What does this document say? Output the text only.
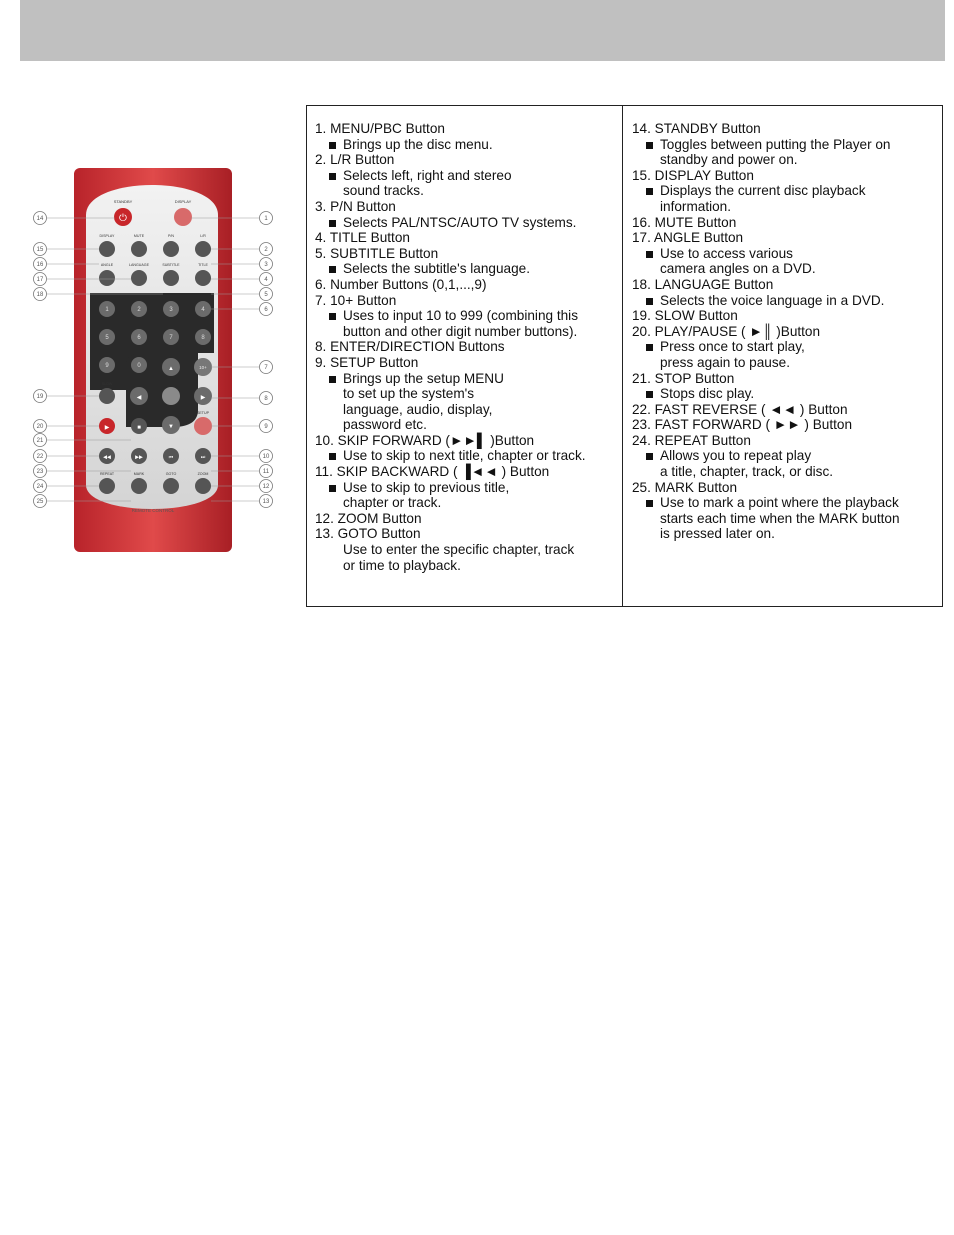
⏻
STANDBY	DISPLAY
DISPLAY	MUTE	P/N	L/R
ANGLE	LANGUAGE	SUBTITLE	TITLE
1	2	3	4
5	6	7	8
9	0	10+
▲
◀	▶
▼
SLOW
▶	■
SETUP
◀◀	▶▶	⏮	⏭
REPEAT	MARK	GOTO	ZOOM
REMOTE CONTROL
14
15
16
17
18
19
20
21
22
23
24
25
1
2
3
4
5
6
7
8
9
10
11
12
13
1. MENU/PBC Button
Brings up the disc menu.
2. L/R Button
Selects left, right and stereo
sound tracks.
3. P/N Button
Selects PAL/NTSC/AUTO TV systems.
4. TITLE Button
5. SUBTITLE Button
Selects the subtitle's language.
6. Number Buttons (0,1,...,9)
7. 10+ Button
Uses to input 10 to 999 (combining this
button and other digit number buttons).
8. ENTER/DIRECTION Buttons
9. SETUP Button
Brings up the setup MENU
to set up the system's
language, audio, display,
password etc.
10. SKIP FORWARD (►►▌ )Button
Use to skip to next title, chapter or track.
11. SKIP BACKWARD ( ▐◄◄ ) Button
Use to skip to previous title,
chapter or track.
12. ZOOM Button
13. GOTO Button
Use to enter the specific chapter, track
or time to playback.
14. STANDBY Button
Toggles between putting the Player on
standby and power on.
15. DISPLAY Button
Displays the current disc playback
information.
16. MUTE Button
17. ANGLE Button
Use to access various
camera angles on a DVD.
18. LANGUAGE Button
Selects the voice language in a DVD.
19. SLOW Button
20. PLAY/PAUSE ( ►║ )Button
Press once to start play,
press again to pause.
21. STOP Button
Stops disc play.
22. FAST REVERSE ( ◄◄ ) Button
23. FAST FORWARD ( ►► ) Button
24. REPEAT Button
Allows you to repeat play
a title, chapter, track, or disc.
25. MARK Button
Use to mark a point where the playback
starts each time when the MARK button
is pressed later on.
